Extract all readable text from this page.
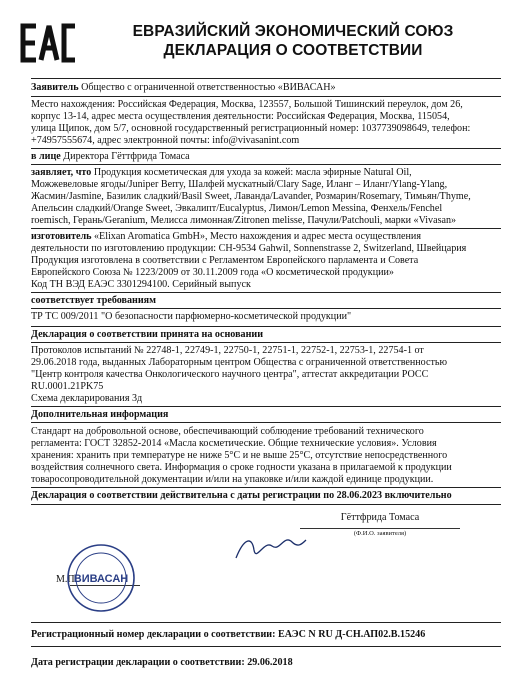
ЕВРАЗИЙСКИЙ ЭКОНОМИЧЕСКИЙ СОЮЗ
ДЕКЛАРАЦИЯ О СООТВЕТСТВИИ
Заявитель Общество с ограниченной ответственностью «ВИВАСАН»
Место нахождения: Российская Федерация, Москва, 123557, Большой Тишинский переулок, дом 26,
корпус 13-14, адрес места осуществления деятельности: Российская Федерация, Москва, 115054,
улица Щипок, дом 5/7, основной государственный регистрационный номер: 1037739098649, телефон:
+74957555674, адрес электронной почты: info@vivasanint.com
в лице Директора Гёттфрида Томаса
заявляет, что Продукция косметическая для ухода за кожей: масла эфирные Natural Oil,
Можжевеловые ягоды/Juniper Berry, Шалфей мускатный/Clary Sage, Иланг – Иланг/Ylang-Ylang,
Жасмин/Jasmine, Базилик сладкий/Basil Sweet, Лаванда/Lavander, Розмарин/Rosemary, Тимьян/Thyme,
Апельсин сладкий/Orange Sweet, Эвкалипт/Eucalyptus, Лимон/Lemon Messina, Фенхель/Fenchel
roemisch, Герань/Geranium, Мелисса лимонная/Zitronen melisse, Пачули/Patchouli, марки «Vivasan»
изготовитель «Elixan Aromatica GmbH», Место нахождения и адрес места осуществления
деятельности по изготовлению продукции: CH-9534 Gahwil, Sonnenstrasse 2, Switzerland, Швейцария
Продукция изготовлена в соответствии с Регламентом Европейского парламента и Совета
Европейского Союза № 1223/2009 от 30.11.2009 года «О косметической продукции»
Код ТН ВЭД ЕАЭС 3301294100. Серийный выпуск
соответствует требованиям
ТР ТС 009/2011 "О безопасности парфюмерно-косметической продукции"
Декларация о соответствии принята на основании
Протоколов испытаний № 22748-1, 22749-1, 22750-1, 22751-1, 22752-1, 22753-1, 22754-1 от
29.06.2018 года, выданных Лабораторным центром Общества с ограниченной ответственностью
"Центр контроля качества Онкологического научного центра", аттестат аккредитации РОСС
RU.0001.21PK75
Схема декларирования 3д
Дополнительная информация
Стандарт на добровольной основе, обеспечивающий соблюдение требований технического
регламента: ГОСТ 32852-2014 «Масла косметические. Общие технические условия». Условия
хранения: хранить при температуре не ниже 5°С и не выше 25°С, отсутствие непосредственного
воздействия солнечного света. Информация о сроке годности указана в прилагаемой к продукции
товаросопроводительной документации и/или на упаковке и/или каждой единице продукции.
Декларация о соответствии действительна с даты регистрации по 28.06.2023 включительно
Гёттфрида Томаса
(Ф.И.О. заявителя)
М.П.
ВИВАСАН
Регистрационный номер декларации о соответствии: ЕАЭС N RU Д-CH.АП02.В.15246
Дата регистрации декларации о соответствии: 29.06.2018
